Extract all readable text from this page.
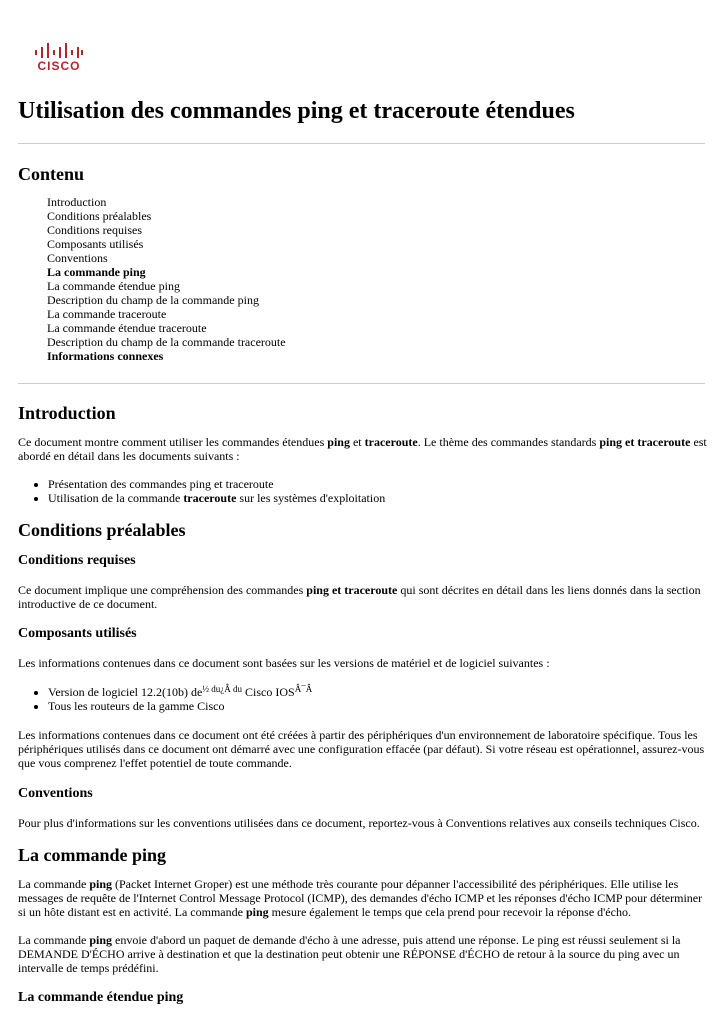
CISCO
Utilisation des commandes ping et traceroute étendues
Contenu
Introduction
Conditions préalables
Conditions requises
Composants utilisés
Conventions
La commande ping
La commande étendue ping
Description du champ de la commande ping
La commande traceroute
La commande étendue traceroute
Description du champ de la commande traceroute
Informations connexes
Introduction

Ce document montre comment utiliser les commandes étendues ping et traceroute. Le thème des commandes standards ping et traceroute est abordé en détail dans les documents suivants :

• Présentation des commandes ping et traceroute
• Utilisation de la commande traceroute sur les systèmes d'exploitation
Conditions préalables
Conditions requises

Ce document implique une compréhension des commandes ping et traceroute qui sont décrites en détail dans les liens donnés dans la section introductive de ce document.

Composants utilisés

Les informations contenues dans ce document sont basées sur les versions de matériel et de logiciel suivantes :

• Version de logiciel 12.2(10b) $de^{\frac{1}{2} du¿Â du}$ Cisco $IOS^{Â¯Â}$
• Tous les routeurs de la gamme Cisco

Les informations contenues dans ce document ont été créées à partir des périphériques d'un environnement de laboratoire spécifique. Tous les périphériques utilisés dans ce document ont démarré avec une configuration effacée (par défaut). Si votre réseau est opérationnel, assurez-vous que vous comprenez l'effet potentiel de toute commande.

Conventions

Pour plus d'informations sur les conventions utilisées dans ce document, reportez-vous à Conventions relatives aux conseils techniques Cisco.

La commande ping

La commande ping (Packet Internet Groper) est une méthode très courante pour dépanner l'accessibilité des périphériques. Elle utilise les messages de requête de l'Internet Control Message Protocol (ICMP), des demandes d'écho ICMP et les réponses d'écho ICMP pour déterminer si un hôte distant est en activité. La commande ping mesure également le temps que cela prend pour recevoir la réponse d'écho.

La commande ping envoie d'abord un paquet de demande d'écho à une adresse, puis attend une réponse. Le ping est réussi seulement si la DEMANDE D'ÉCHO arrive à destination et que la destination peut obtenir une RÉPONSE d'ÉCHO de retour à la source du ping avec un intervalle de temps prédéfini.

La commande étendue ping
